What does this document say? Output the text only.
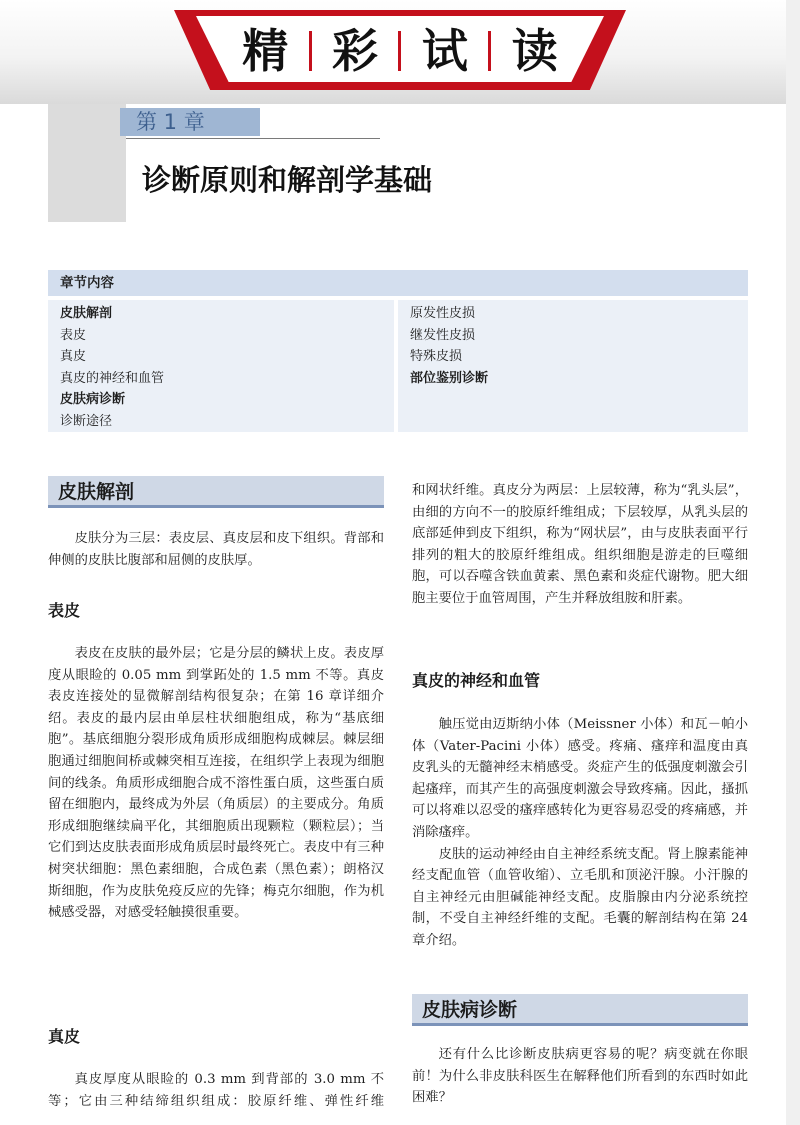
精 彩 试 读
第 1 章
诊断原则和解剖学基础
章节内容
皮肤解剖
表皮
真皮
真皮的神经和血管
皮肤病诊断
诊断途径
原发性皮损
继发性皮损
特殊皮损
部位鉴别诊断
皮肤解剖

皮肤分为三层：表皮层、真皮层和皮下组织。背部和伸侧的皮肤比腹部和屈侧的皮肤厚。

表皮

表皮在皮肤的最外层；它是分层的鳞状上皮。表皮厚度从眼睑的 0.05 mm 到掌跖处的 1.5 mm 不等。真皮表皮连接处的显微解剖结构很复杂；在第 16 章详细介绍。表皮的最内层由单层柱状细胞组成，称为“基底细胞”。基底细胞分裂形成角质形成细胞构成棘层。棘层细胞通过细胞间桥或棘突相互连接，在组织学上表现为细胞间的线条。角质形成细胞合成不溶性蛋白质，这些蛋白质留在细胞内，最终成为外层（角质层）的主要成分。角质形成细胞继续扁平化，其细胞质出现颗粒（颗粒层）；当它们到达皮肤表面形成角质层时最终死亡。表皮中有三种树突状细胞：黑色素细胞，合成色素（黑色素）；朗格汉斯细胞，作为皮肤免疫反应的先锋；梅克尔细胞，作为机械感受器，对感受轻触摸很重要。

真皮

真皮厚度从眼睑的 0.3 mm 到背部的 3.0 mm 不等；它由三种结缔组织组成：胶原纤维、弹性纤维

和网状纤维。真皮分为两层：上层较薄，称为“乳头层”，由细的方向不一的胶原纤维组成；下层较厚，从乳头层的底部延伸到皮下组织，称为“网状层”，由与皮肤表面平行排列的粗大的胶原纤维组成。组织细胞是游走的巨噬细胞，可以吞噬含铁血黄素、黑色素和炎症代谢物。肥大细胞主要位于血管周围，产生并释放组胺和肝素。

真皮的神经和血管

触压觉由迈斯纳小体（Meissner 小体）和瓦－帕小体（Vater-Pacini 小体）感受。疼痛、瘙痒和温度由真皮乳头的无髓神经末梢感受。炎症产生的低强度刺激会引起瘙痒，而其产生的高强度刺激会导致疼痛。因此，搔抓可以将难以忍受的瘙痒感转化为更容易忍受的疼痛感，并消除瘙痒。

皮肤的运动神经由自主神经系统支配。肾上腺素能神经支配血管（血管收缩）、立毛肌和顶泌汗腺。小汗腺的自主神经元由胆碱能神经支配。皮脂腺由内分泌系统控制，不受自主神经纤维的支配。毛囊的解剖结构在第 24 章介绍。

皮肤病诊断

还有什么比诊断皮肤病更容易的呢？病变就在你眼前！为什么非皮肤科医生在解释他们所看到的东西时如此困难？
